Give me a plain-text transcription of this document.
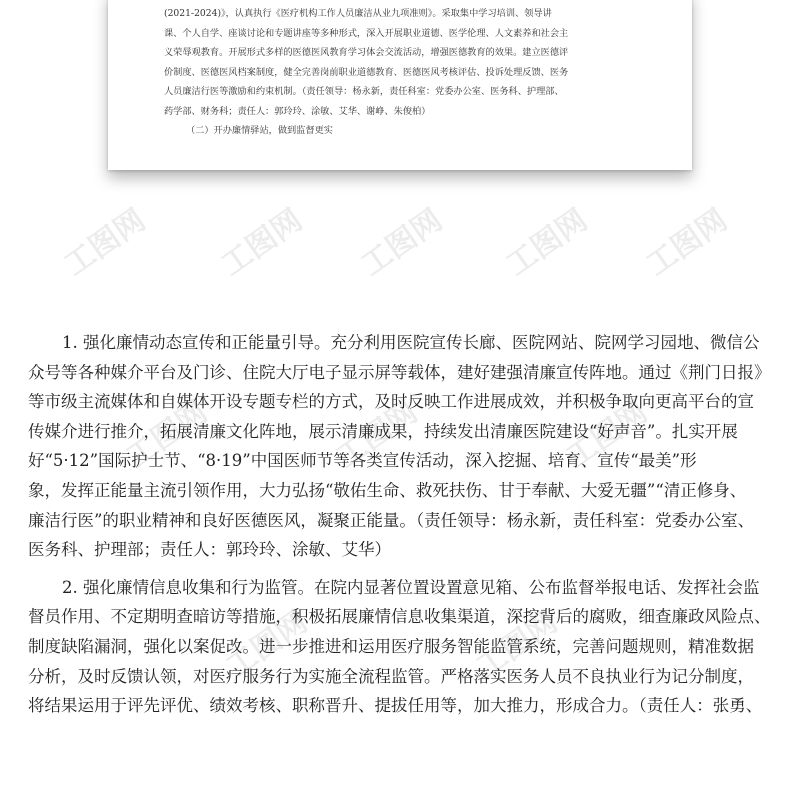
工图网 工图网 工图网 工图网 工图网
工图网	工图网	工图网
工图网	工图网
(2021-2024)》，认真执行《医疗机构工作人员廉洁从业九项准则》。采取集中学习培训、领导讲
课、个人自学、座谈讨论和专题讲座等多种形式，深入开展职业道德、医学伦理、人文素养和社会主
义荣辱观教育。开展形式多样的医德医风教育学习体会交流活动，增强医德教育的效果。建立医德评
价制度、医德医风档案制度，健全完善岗前职业道德教育、医德医风考核评估、投诉处理反馈、医务
人员廉洁行医等激励和约束机制。（责任领导：杨永新，责任科室：党委办公室、医务科、护理部、
药学部、财务科；责任人：郭玲玲、涂敏、艾华、谢峥、朱俊柏）
（二）开办廉情驿站，做到监督更实
1. 强化廉情动态宣传和正能量引导。充分利用医院宣传长廊、医院网站、院网学习园地、微信公
众号等各种媒介平台及门诊、住院大厅电子显示屏等载体，建好建强清廉宣传阵地。通过《荆门日报》
等市级主流媒体和自媒体开设专题专栏的方式，及时反映工作进展成效，并积极争取向更高平台的宣
传媒介进行推介，拓展清廉文化阵地，展示清廉成果，持续发出清廉医院建设“好声音”。扎实开展
好“5·12”国际护士节、“8·19”中国医师节等各类宣传活动，深入挖掘、培育、宣传“最美”形
象，发挥正能量主流引领作用，大力弘扬“敬佑生命、救死扶伤、甘于奉献、大爱无疆”“清正修身、
廉洁行医”的职业精神和良好医德医风，凝聚正能量。（责任领导：杨永新，责任科室：党委办公室、
医务科、护理部；责任人：郭玲玲、涂敏、艾华）
2. 强化廉情信息收集和行为监管。在院内显著位置设置意见箱、公布监督举报电话、发挥社会监
督员作用、不定期明查暗访等措施，积极拓展廉情信息收集渠道，深挖背后的腐败，细查廉政风险点、
制度缺陷漏洞，强化以案促改。进一步推进和运用医疗服务智能监管系统，完善问题规则，精准数据
分析，及时反馈认领，对医疗服务行为实施全流程监管。严格落实医务人员不良执业行为记分制度，
将结果运用于评先评优、绩效考核、职称晋升、提拔任用等，加大推力，形成合力。（责任人：张勇、
